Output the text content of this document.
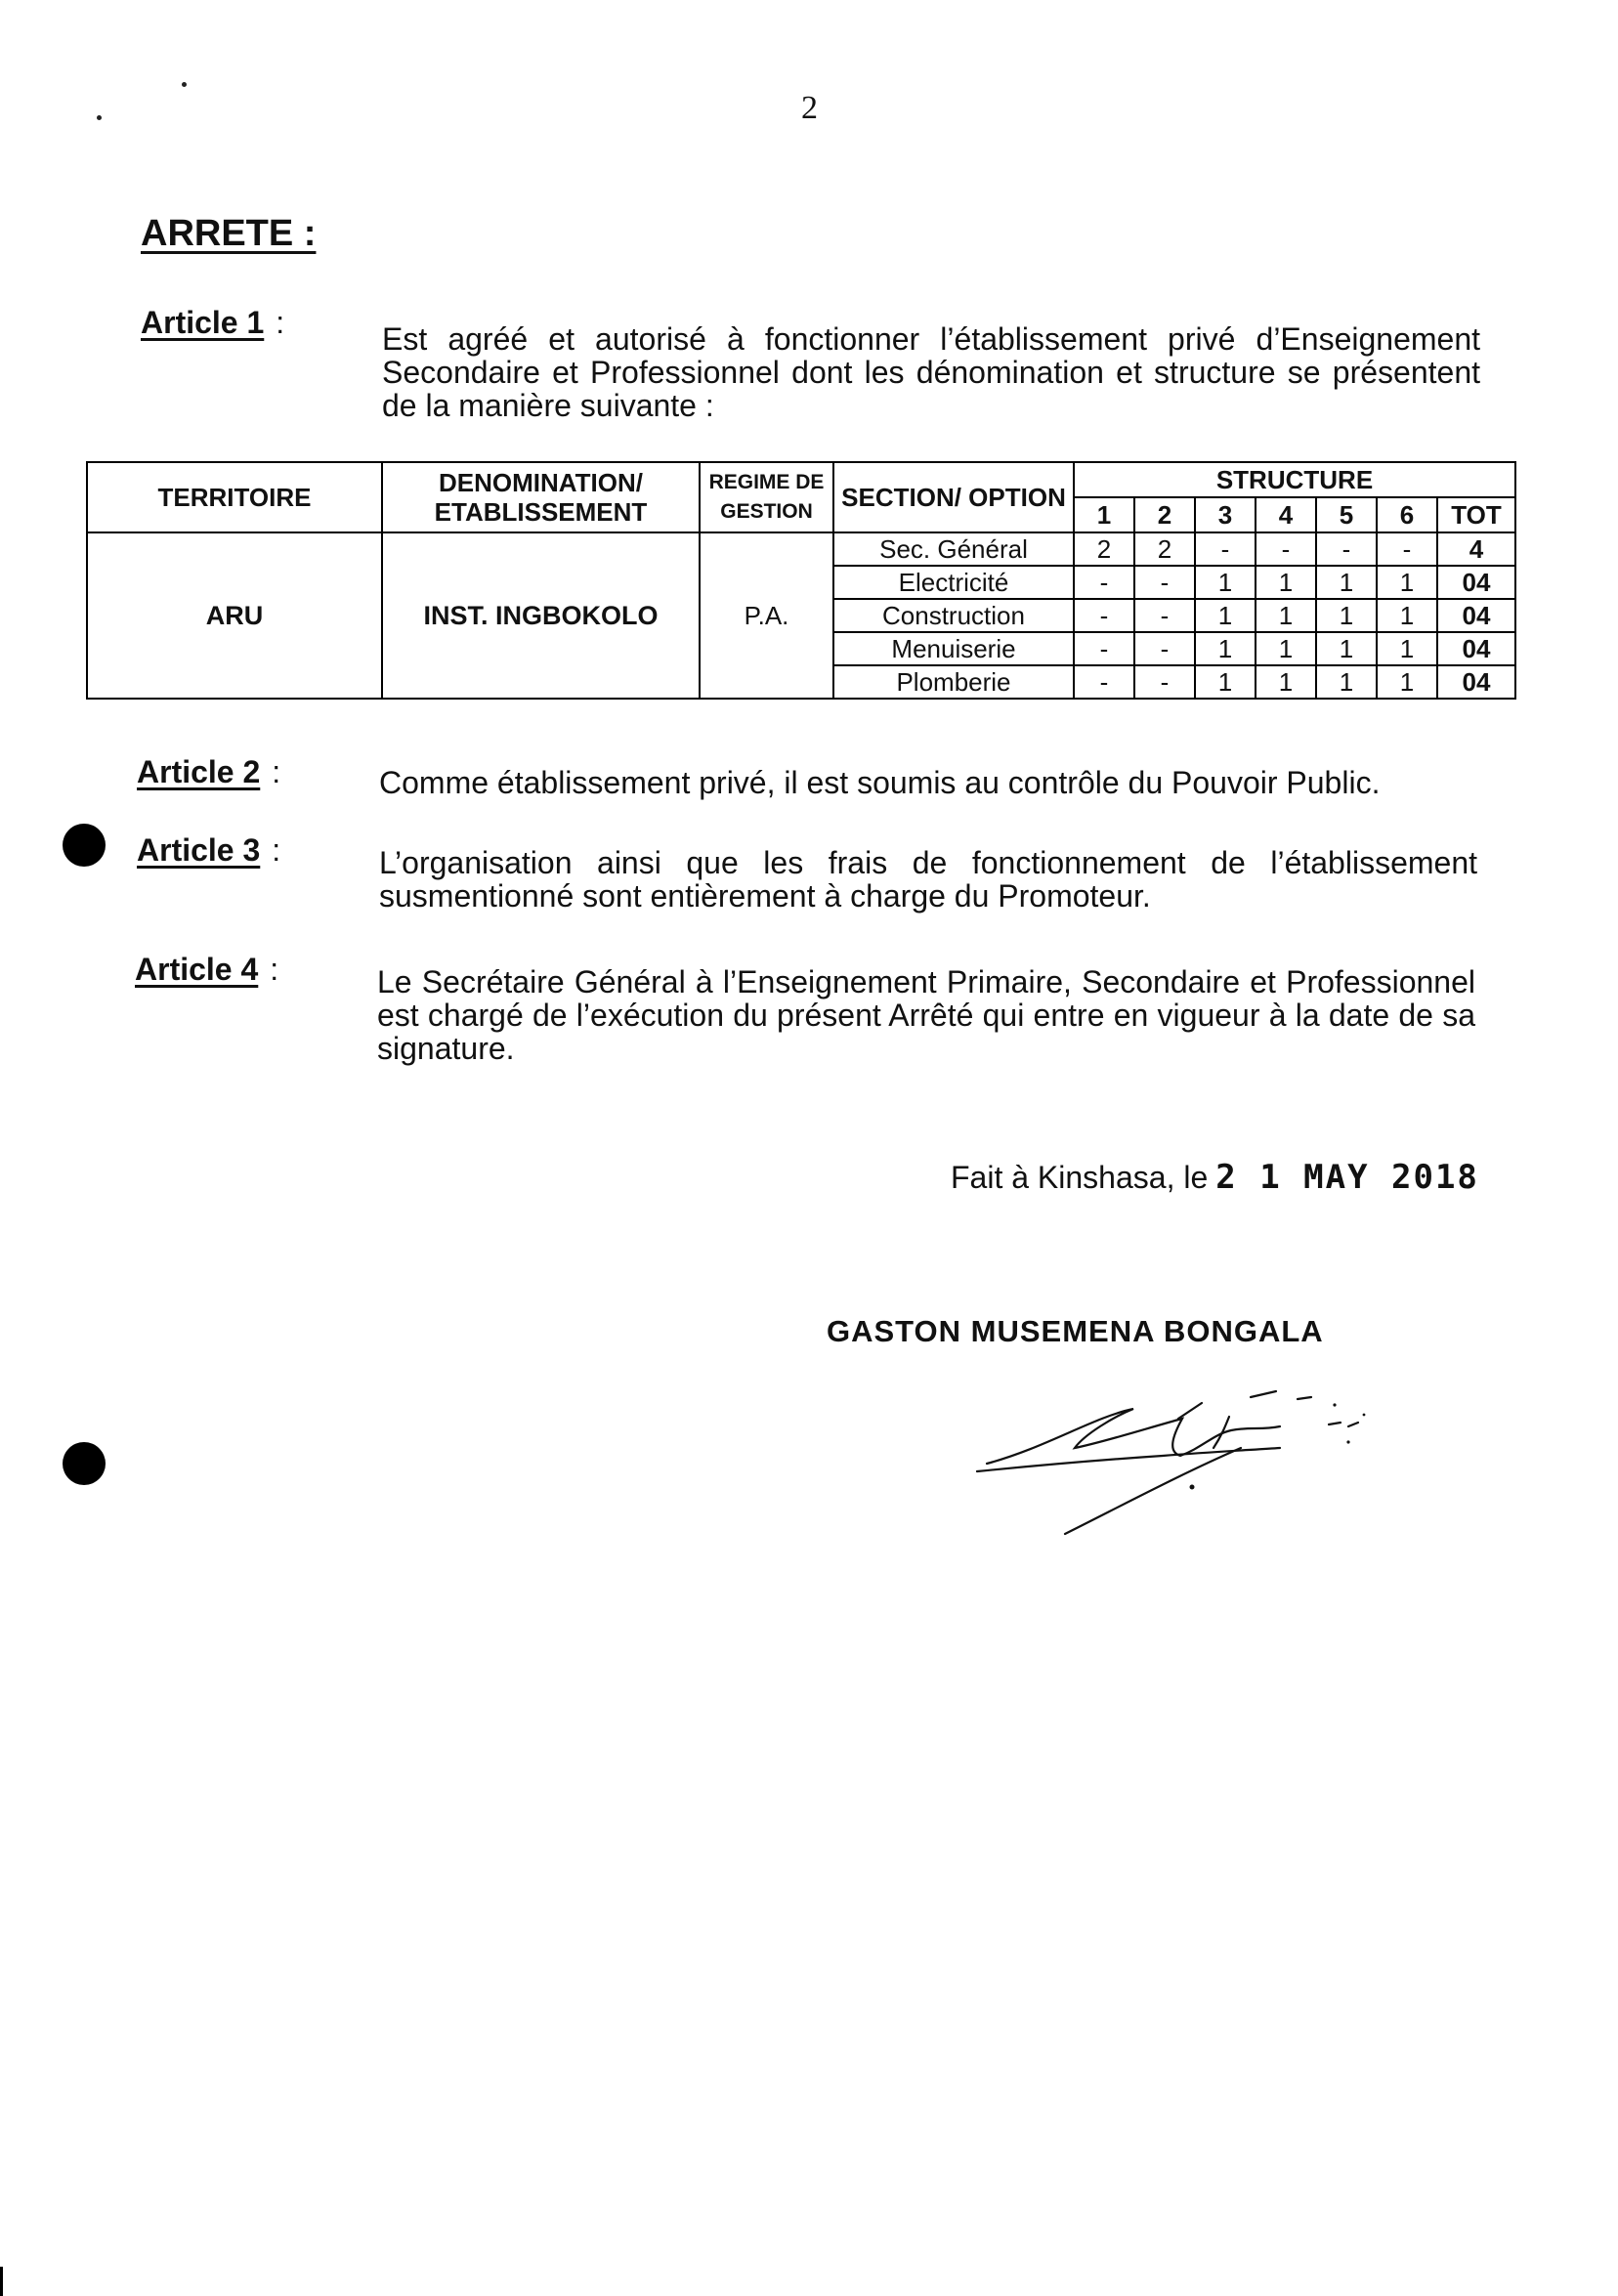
2
ARRETE :
Article 1 :	Est agréé et autorisé à fonctionner l’établissement privé d’Enseignement Secondaire et Professionnel dont les dénomination et structure se présentent de la manière suivante :
TERRITOIRE	DENOMINATION/ ETABLISSEMENT	REGIME DE GESTION	SECTION/ OPTION	STRUCTURE						
				1	2	3	4	5	6	TOT
ARU	INST. INGBOKOLO	P.A.	Sec. Général	2	2	-	-	-	-	4
			Electricité	-	-	1	1	1	1	04
			Construction	-	-	1	1	1	1	04
			Menuiserie	-	-	1	1	1	1	04
			Plomberie	-	-	1	1	1	1	04
Article 2 :	Comme établissement privé, il est soumis au contrôle du Pouvoir Public.
Article 3 :	L’organisation ainsi que les frais de fonctionnement de l’établissement susmentionné sont entièrement à charge du Promoteur.
Article 4 :	Le Secrétaire Général à l’Enseignement Primaire, Secondaire et Professionnel est chargé de l’exécution du présent Arrêté qui entre en vigueur à la date de sa signature.
Fait à Kinshasa, le 2 1 MAY 2018
GASTON MUSEMENA BONGALA
